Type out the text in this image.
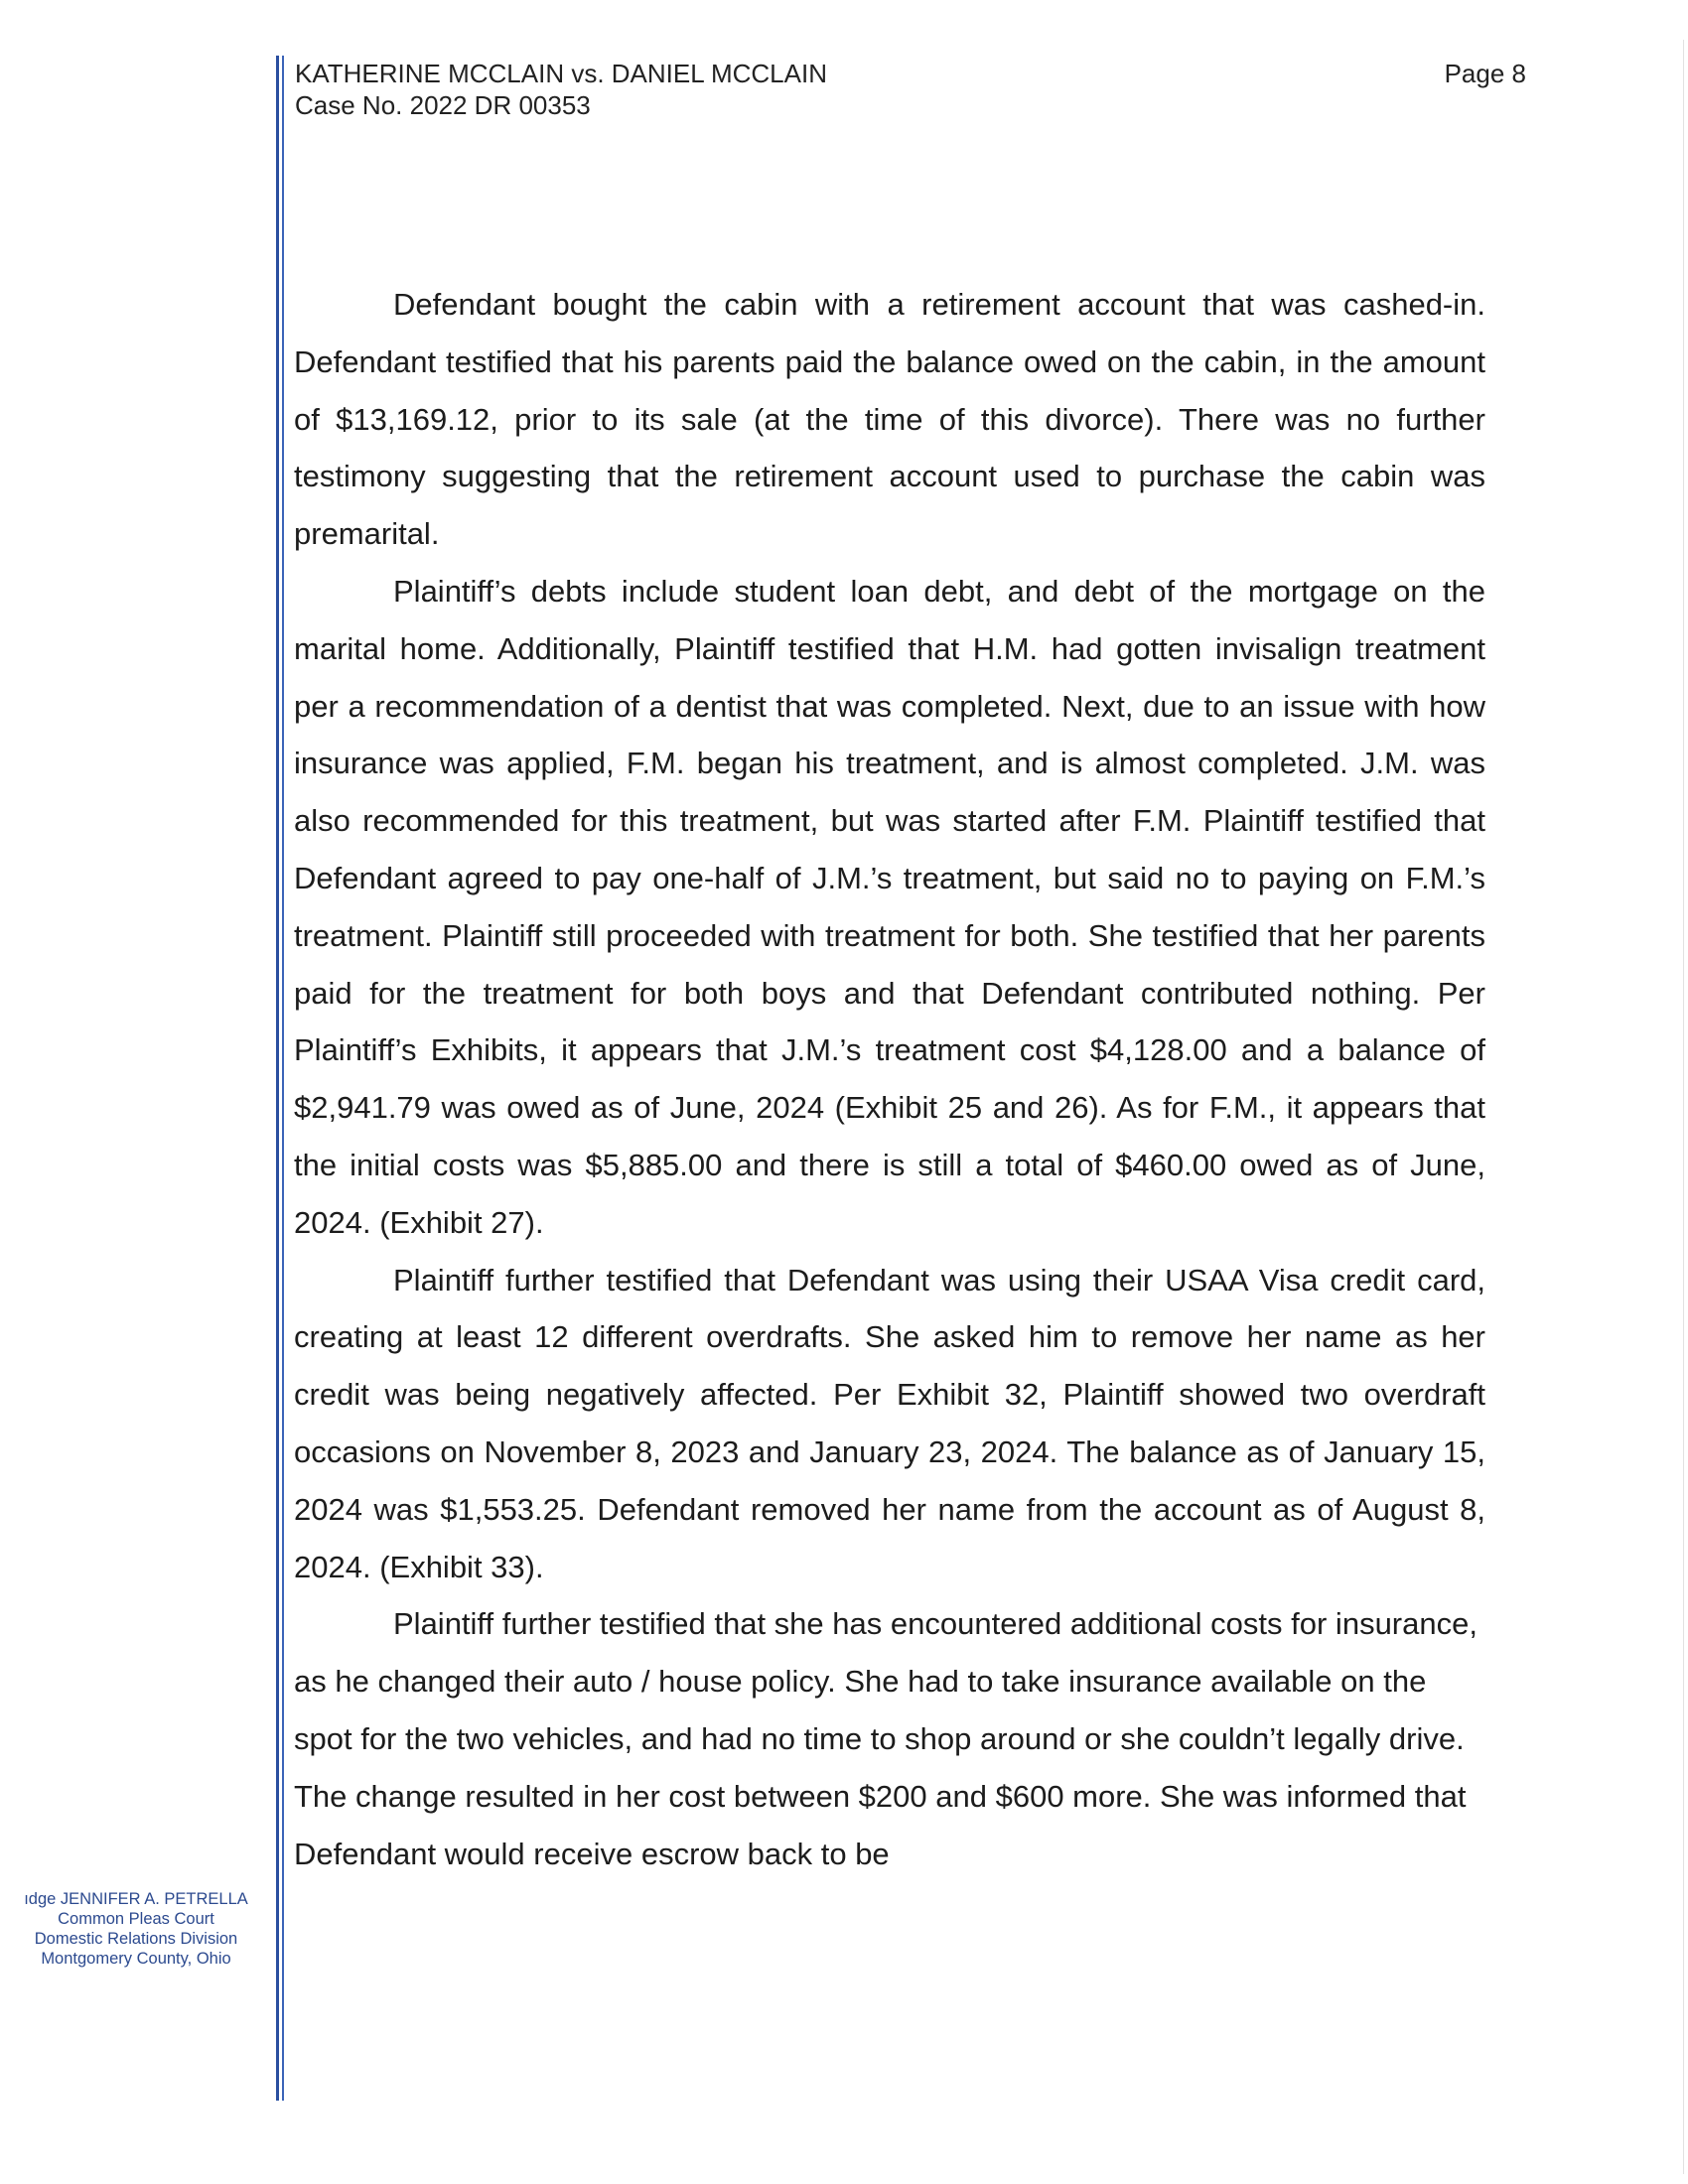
KATHERINE MCCLAIN vs. DANIEL MCCLAIN
Case No. 2022 DR 00353
Page 8

Defendant bought the cabin with a retirement account that was cashed-in. Defendant testified that his parents paid the balance owed on the cabin, in the amount of $13,169.12, prior to its sale (at the time of this divorce). There was no further testimony suggesting that the retirement account used to purchase the cabin was premarital.

Plaintiff’s debts include student loan debt, and debt of the mortgage on the marital home. Additionally, Plaintiff testified that H.M. had gotten invisalign treatment per a recommendation of a dentist that was completed. Next, due to an issue with how insurance was applied, F.M. began his treatment, and is almost completed. J.M. was also recommended for this treatment, but was started after F.M. Plaintiff testified that Defendant agreed to pay one-half of J.M.’s treatment, but said no to paying on F.M.’s treatment. Plaintiff still proceeded with treatment for both. She testified that her parents paid for the treatment for both boys and that Defendant contributed nothing. Per Plaintiff’s Exhibits, it appears that J.M.’s treatment cost $4,128.00 and a balance of $2,941.79 was owed as of June, 2024 (Exhibit 25 and 26). As for F.M., it appears that the initial costs was $5,885.00 and there is still a total of $460.00 owed as of June, 2024. (Exhibit 27).

Plaintiff further testified that Defendant was using their USAA Visa credit card, creating at least 12 different overdrafts. She asked him to remove her name as her credit was being negatively affected. Per Exhibit 32, Plaintiff showed two overdraft occasions on November 8, 2023 and January 23, 2024. The balance as of January 15, 2024 was $1,553.25. Defendant removed her name from the account as of August 8, 2024. (Exhibit 33).

Plaintiff further testified that she has encountered additional costs for insurance, as he changed their auto / house policy. She had to take insurance available on the spot for the two vehicles, and had no time to shop around or she couldn’t legally drive. The change resulted in her cost between $200 and $600 more. She was informed that Defendant would receive escrow back to be

ıdge JENNIFER A. PETRELLA
Common Pleas Court
Domestic Relations Division
Montgomery County, Ohio
